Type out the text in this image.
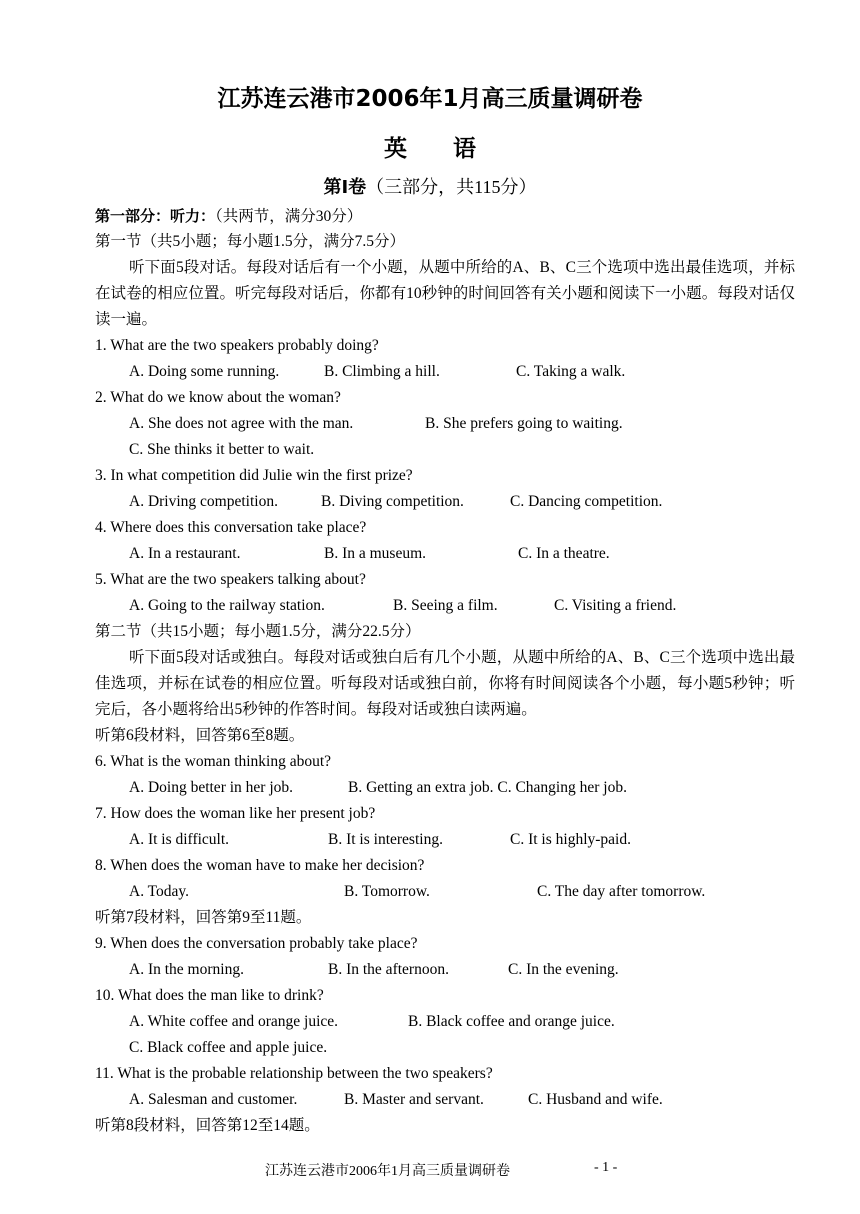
江苏连云港市2006年1月高三质量调研卷
英 语
第Ⅰ卷（三部分，共115分）
第一部分：听力：（共两节，满分30分）
第一节（共5小题；每小题1.5分，满分7.5分）
听下面5段对话。每段对话后有一个小题，从题中所给的A、B、C三个选项中选出最佳选项，并标在试卷的相应位置。听完每段对话后，你都有10秒钟的时间回答有关小题和阅读下一小题。每段对话仅读一遍。
1. What are the two speakers probably doing?
A. Doing some running.	B. Climbing a hill.	C. Taking a walk.
2. What do we know about the woman?
A. She does not agree with the man.	B. She prefers going to waiting.
C. She thinks it better to wait.
3. In what competition did Julie win the first prize?
A. Driving competition.	B. Diving competition.	C. Dancing competition.
4. Where does this conversation take place?
A. In a restaurant.	B. In a museum.	C. In a theatre.
5. What are the two speakers talking about?
A. Going to the railway station.	B. Seeing a film.	C. Visiting a friend.
第二节（共15小题；每小题1.5分，满分22.5分）
听下面5段对话或独白。每段对话或独白后有几个小题，从题中所给的A、B、C三个选项中选出最佳选项，并标在试卷的相应位置。听每段对话或独白前，你将有时间阅读各个小题，每小题5秒钟；听完后，各小题将给出5秒钟的作答时间。每段对话或独白读两遍。
听第6段材料，回答第6至8题。
6. What is the woman thinking about?
A. Doing better in her job.	B. Getting an extra job. C. Changing her job.
7. How does the woman like her present job?
A. It is difficult.	B. It is interesting.	C. It is highly-paid.
8. When does the woman have to make her decision?
A. Today.	B. Tomorrow.	C. The day after tomorrow.
听第7段材料，回答第9至11题。
9. When does the conversation probably take place?
A. In the morning.	B. In the afternoon.	C. In the evening.
10. What does the man like to drink?
A. White coffee and orange juice.	B. Black coffee and orange juice.
C. Black coffee and apple juice.
11. What is the probable relationship between the two speakers?
A. Salesman and customer.	B. Master and servant.	C. Husband and wife.
听第8段材料，回答第12至14题。
江苏连云港市2006年1月高三质量调研卷	- 1 -
